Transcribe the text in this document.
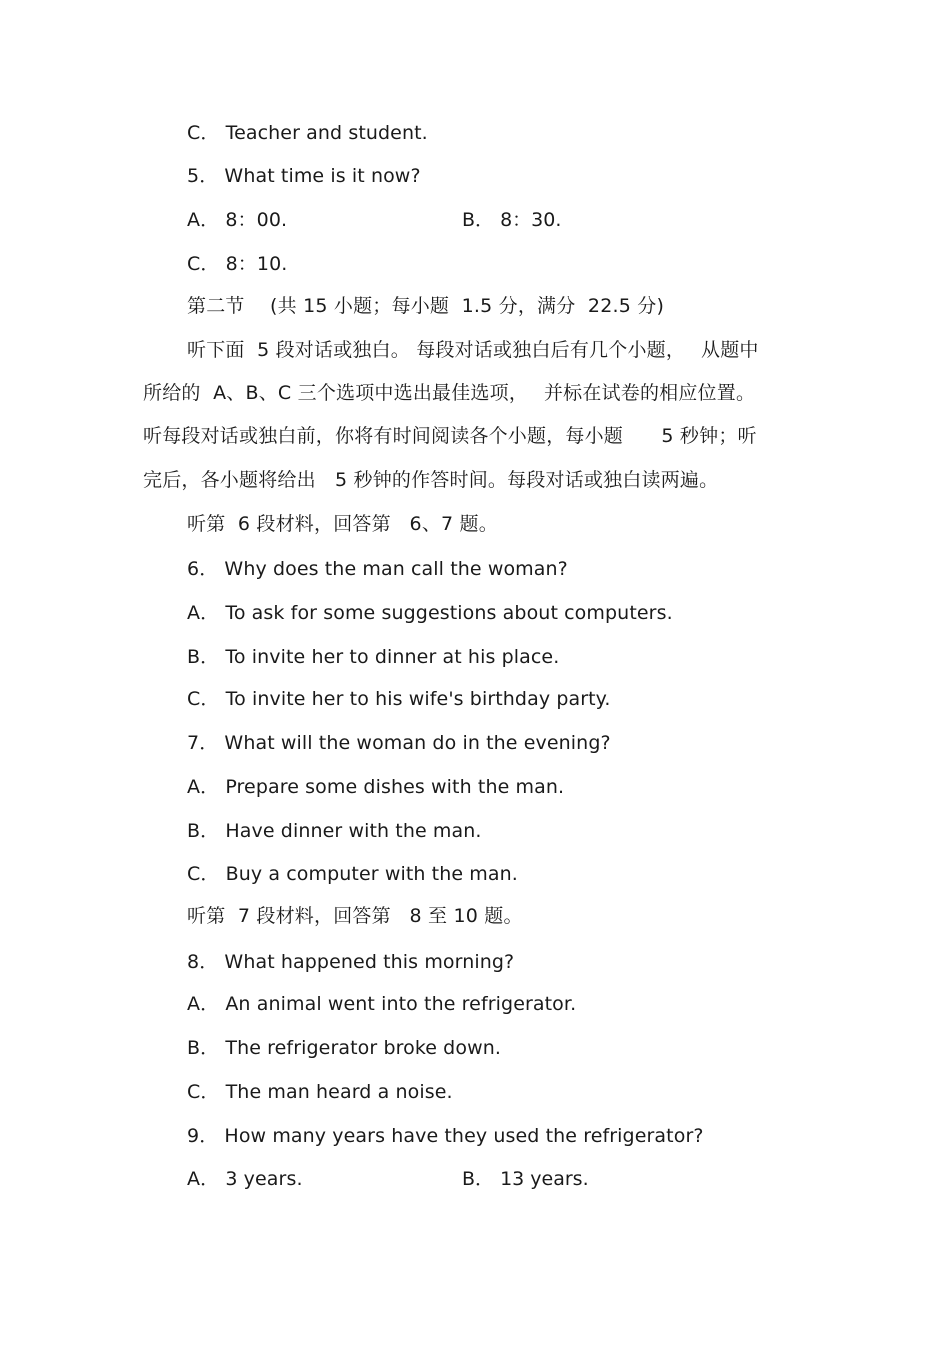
C． Teacher and student.
5． What time is it now?
A． 8：00.	B． 8：30.
C． 8：10.
第二节　 (共 15 小题；每小题  1.5 分，满分  22.5 分)
听下面  5 段对话或独白。 每段对话或独白后有几个小题，　 从题中
所给的  A、B、C 三个选项中选出最佳选项，　 并标在试卷的相应位置。
听每段对话或独白前，你将有时间阅读各个小题，每小题　　5 秒钟；听
完后，各小题将给出　5 秒钟的作答时间。每段对话或独白读两遍。
听第  6 段材料，回答第   6、7 题。
6． Why does the man call the woman?
A． To ask for some suggestions about computers.
B． To invite her to dinner at his place.
C． To invite her to his wife's birthday party.
7． What will the woman do in the evening?
A． Prepare some dishes with the man.
B． Have dinner with the man.
C． Buy a computer with the man.
听第  7 段材料，回答第   8 至 10 题。
8． What happened this morning?
A． An animal went into the refrigerator.
B． The refrigerator broke down.
C． The man heard a noise.
9． How many years have they used the refrigerator?
A． 3 years.	B． 13 years.
